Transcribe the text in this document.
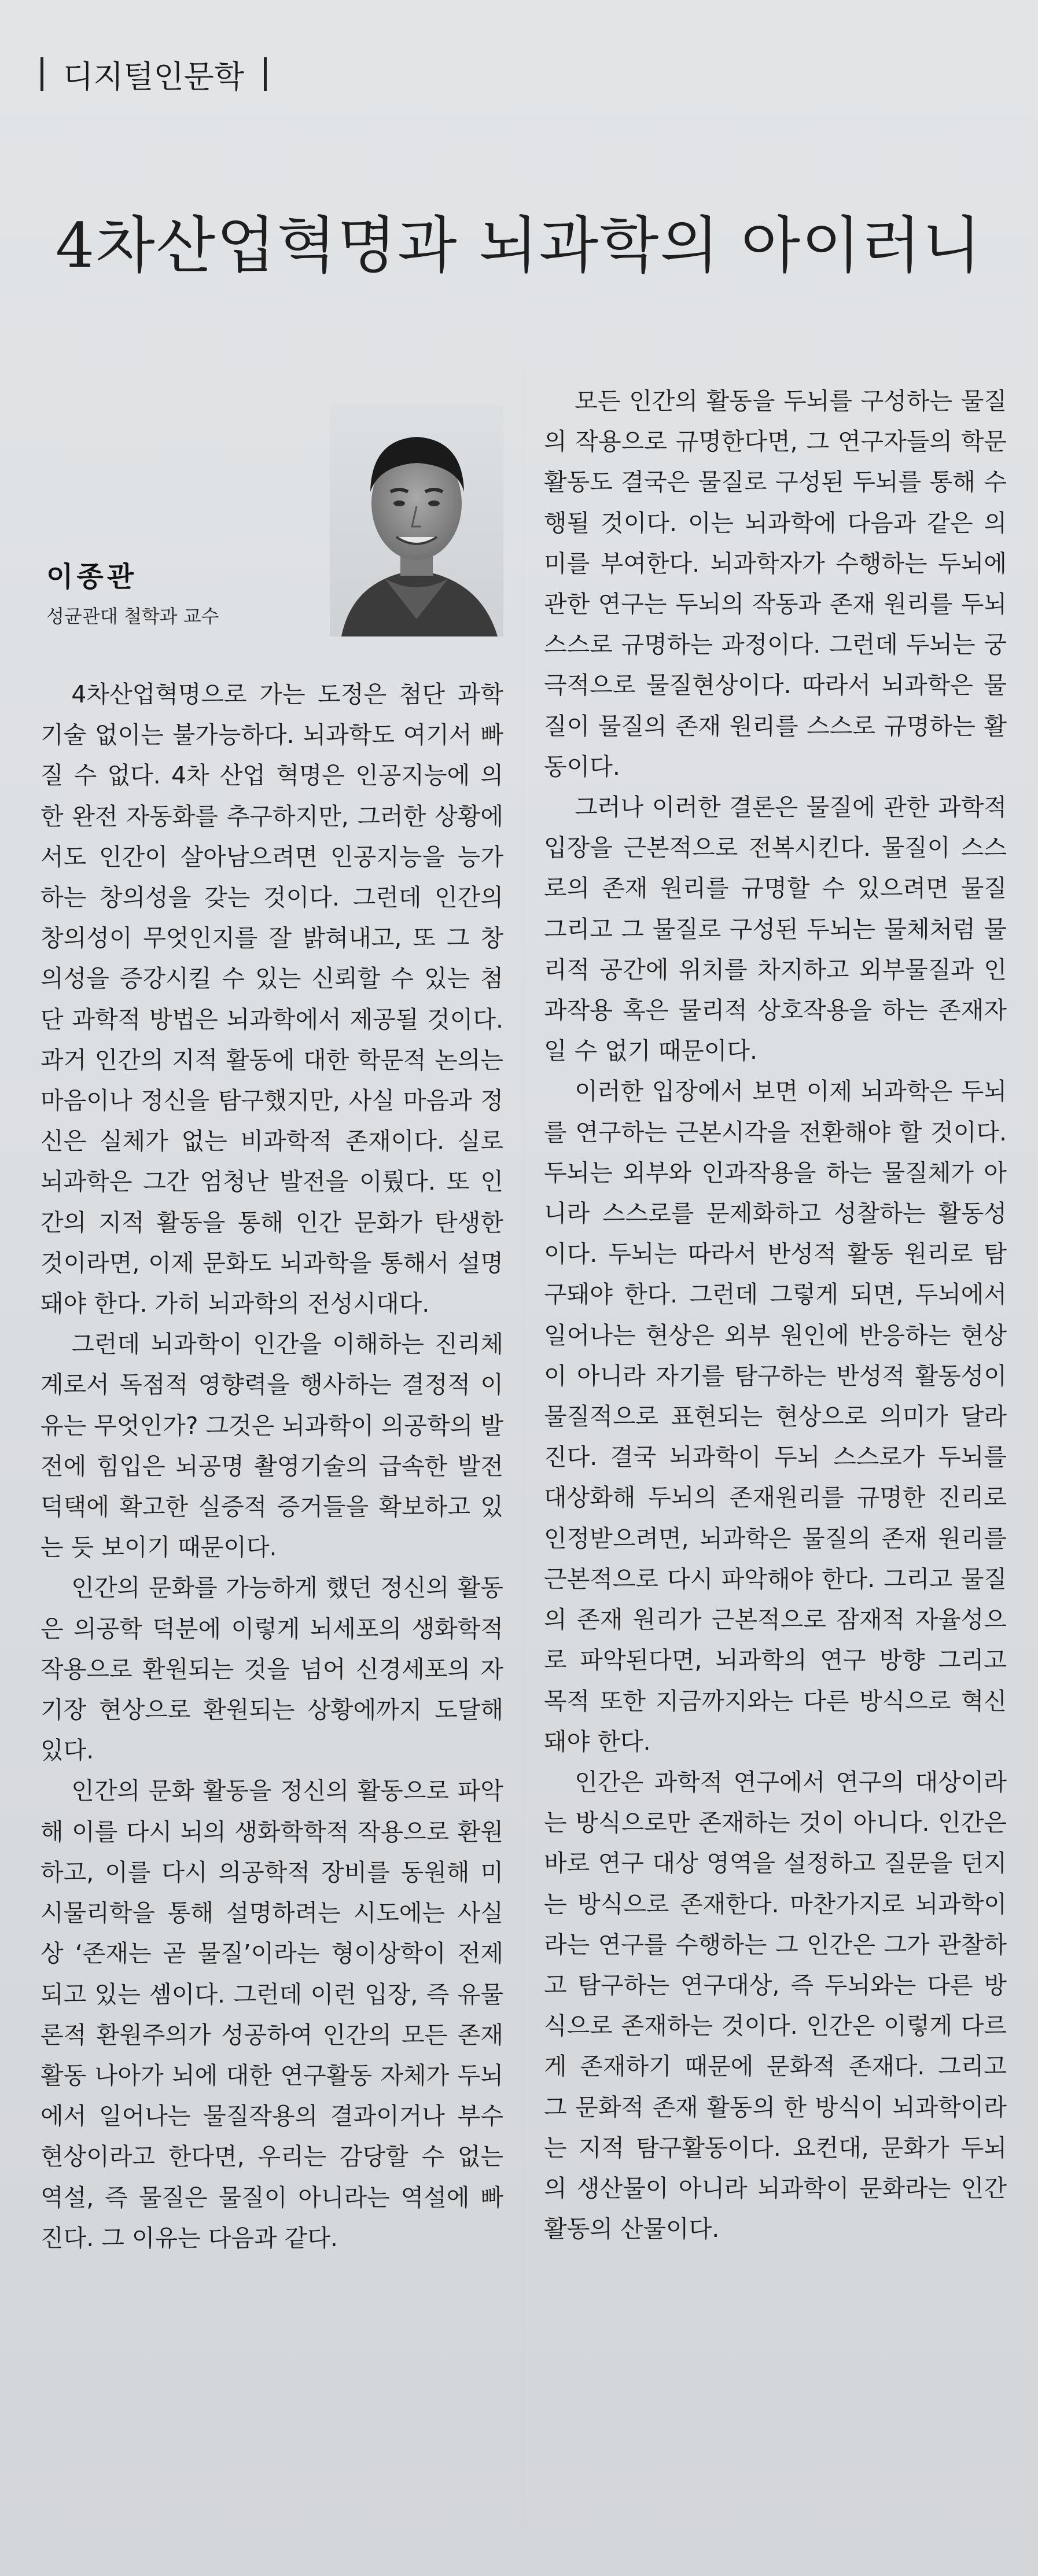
디지털인문학
4차산업혁명과 뇌과학의 아이러니
이종관
성균관대 철학과 교수

4차산업혁명으로 가는 도정은 첨단 과학기술 없이는 불가능하다. 뇌과학도 여기서 빠질 수 없다. 4차 산업 혁명은 인공지능에 의한 완전 자동화를 추구하지만, 그러한 상황에서도 인간이 살아남으려면 인공지능을 능가하는 창의성을 갖는 것이다. 그런데 인간의 창의성이 무엇인지를 잘 밝혀내고, 또 그 창의성을 증강시킬 수 있는 신뢰할 수 있는 첨단 과학적 방법은 뇌과학에서 제공될 것이다. 과거 인간의 지적 활동에 대한 학문적 논의는 마음이나 정신을 탐구했지만, 사실 마음과 정신은 실체가 없는 비과학적 존재이다. 실로 뇌과학은 그간 엄청난 발전을 이뤘다. 또 인간의 지적 활동을 통해 인간 문화가 탄생한 것이라면, 이제 문화도 뇌과학을 통해서 설명돼야 한다. 가히 뇌과학의 전성시대다.

그런데 뇌과학이 인간을 이해하는 진리체계로서 독점적 영향력을 행사하는 결정적 이유는 무엇인가? 그것은 뇌과학이 의공학의 발전에 힘입은 뇌공명 촬영기술의 급속한 발전 덕택에 확고한 실증적 증거들을 확보하고 있는 듯 보이기 때문이다.

인간의 문화를 가능하게 했던 정신의 활동은 의공학 덕분에 이렇게 뇌세포의 생화학적 작용으로 환원되는 것을 넘어 신경세포의 자기장 현상으로 환원되는 상황에까지 도달해 있다.

인간의 문화 활동을 정신의 활동으로 파악해 이를 다시 뇌의 생화학학적 작용으로 환원하고, 이를 다시 의공학적 장비를 동원해 미시물리학을 통해 설명하려는 시도에는 사실상 ‘존재는 곧 물질’이라는 형이상학이 전제되고 있는 셈이다. 그런데 이런 입장, 즉 유물론적 환원주의가 성공하여 인간의 모든 존재활동 나아가 뇌에 대한 연구활동 자체가 두뇌에서 일어나는 물질작용의 결과이거나 부수현상이라고 한다면, 우리는 감당할 수 없는 역설, 즉 물질은 물질이 아니라는 역설에 빠진다. 그 이유는 다음과 같다.

모든 인간의 활동을 두뇌를 구성하는 물질의 작용으로 규명한다면, 그 연구자들의 학문 활동도 결국은 물질로 구성된 두뇌를 통해 수행될 것이다. 이는 뇌과학에 다음과 같은 의미를 부여한다. 뇌과학자가 수행하는 두뇌에 관한 연구는 두뇌의 작동과 존재 원리를 두뇌 스스로 규명하는 과정이다. 그런데 두뇌는 궁극적으로 물질현상이다. 따라서 뇌과학은 물질이 물질의 존재 원리를 스스로 규명하는 활동이다.

그러나 이러한 결론은 물질에 관한 과학적 입장을 근본적으로 전복시킨다. 물질이 스스로의 존재 원리를 규명할 수 있으려면 물질 그리고 그 물질로 구성된 두뇌는 물체처럼 물리적 공간에 위치를 차지하고 외부물질과 인과작용 혹은 물리적 상호작용을 하는 존재자일 수 없기 때문이다.

이러한 입장에서 보면 이제 뇌과학은 두뇌를 연구하는 근본시각을 전환해야 할 것이다. 두뇌는 외부와 인과작용을 하는 물질체가 아니라 스스로를 문제화하고 성찰하는 활동성이다. 두뇌는 따라서 반성적 활동 원리로 탐구돼야 한다. 그런데 그렇게 되면, 두뇌에서 일어나는 현상은 외부 원인에 반응하는 현상이 아니라 자기를 탐구하는 반성적 활동성이 물질적으로 표현되는 현상으로 의미가 달라진다. 결국 뇌과학이 두뇌 스스로가 두뇌를 대상화해 두뇌의 존재원리를 규명한 진리로 인정받으려면, 뇌과학은 물질의 존재 원리를 근본적으로 다시 파악해야 한다. 그리고 물질의 존재 원리가 근본적으로 잠재적 자율성으로 파악된다면, 뇌과학의 연구 방향 그리고 목적 또한 지금까지와는 다른 방식으로 혁신돼야 한다.

인간은 과학적 연구에서 연구의 대상이라는 방식으로만 존재하는 것이 아니다. 인간은 바로 연구 대상 영역을 설정하고 질문을 던지는 방식으로 존재한다. 마찬가지로 뇌과학이라는 연구를 수행하는 그 인간은 그가 관찰하고 탐구하는 연구대상, 즉 두뇌와는 다른 방식으로 존재하는 것이다. 인간은 이렇게 다르게 존재하기 때문에 문화적 존재다. 그리고 그 문화적 존재 활동의 한 방식이 뇌과학이라는 지적 탐구활동이다. 요컨대, 문화가 두뇌의 생산물이 아니라 뇌과학이 문화라는 인간활동의 산물이다.
